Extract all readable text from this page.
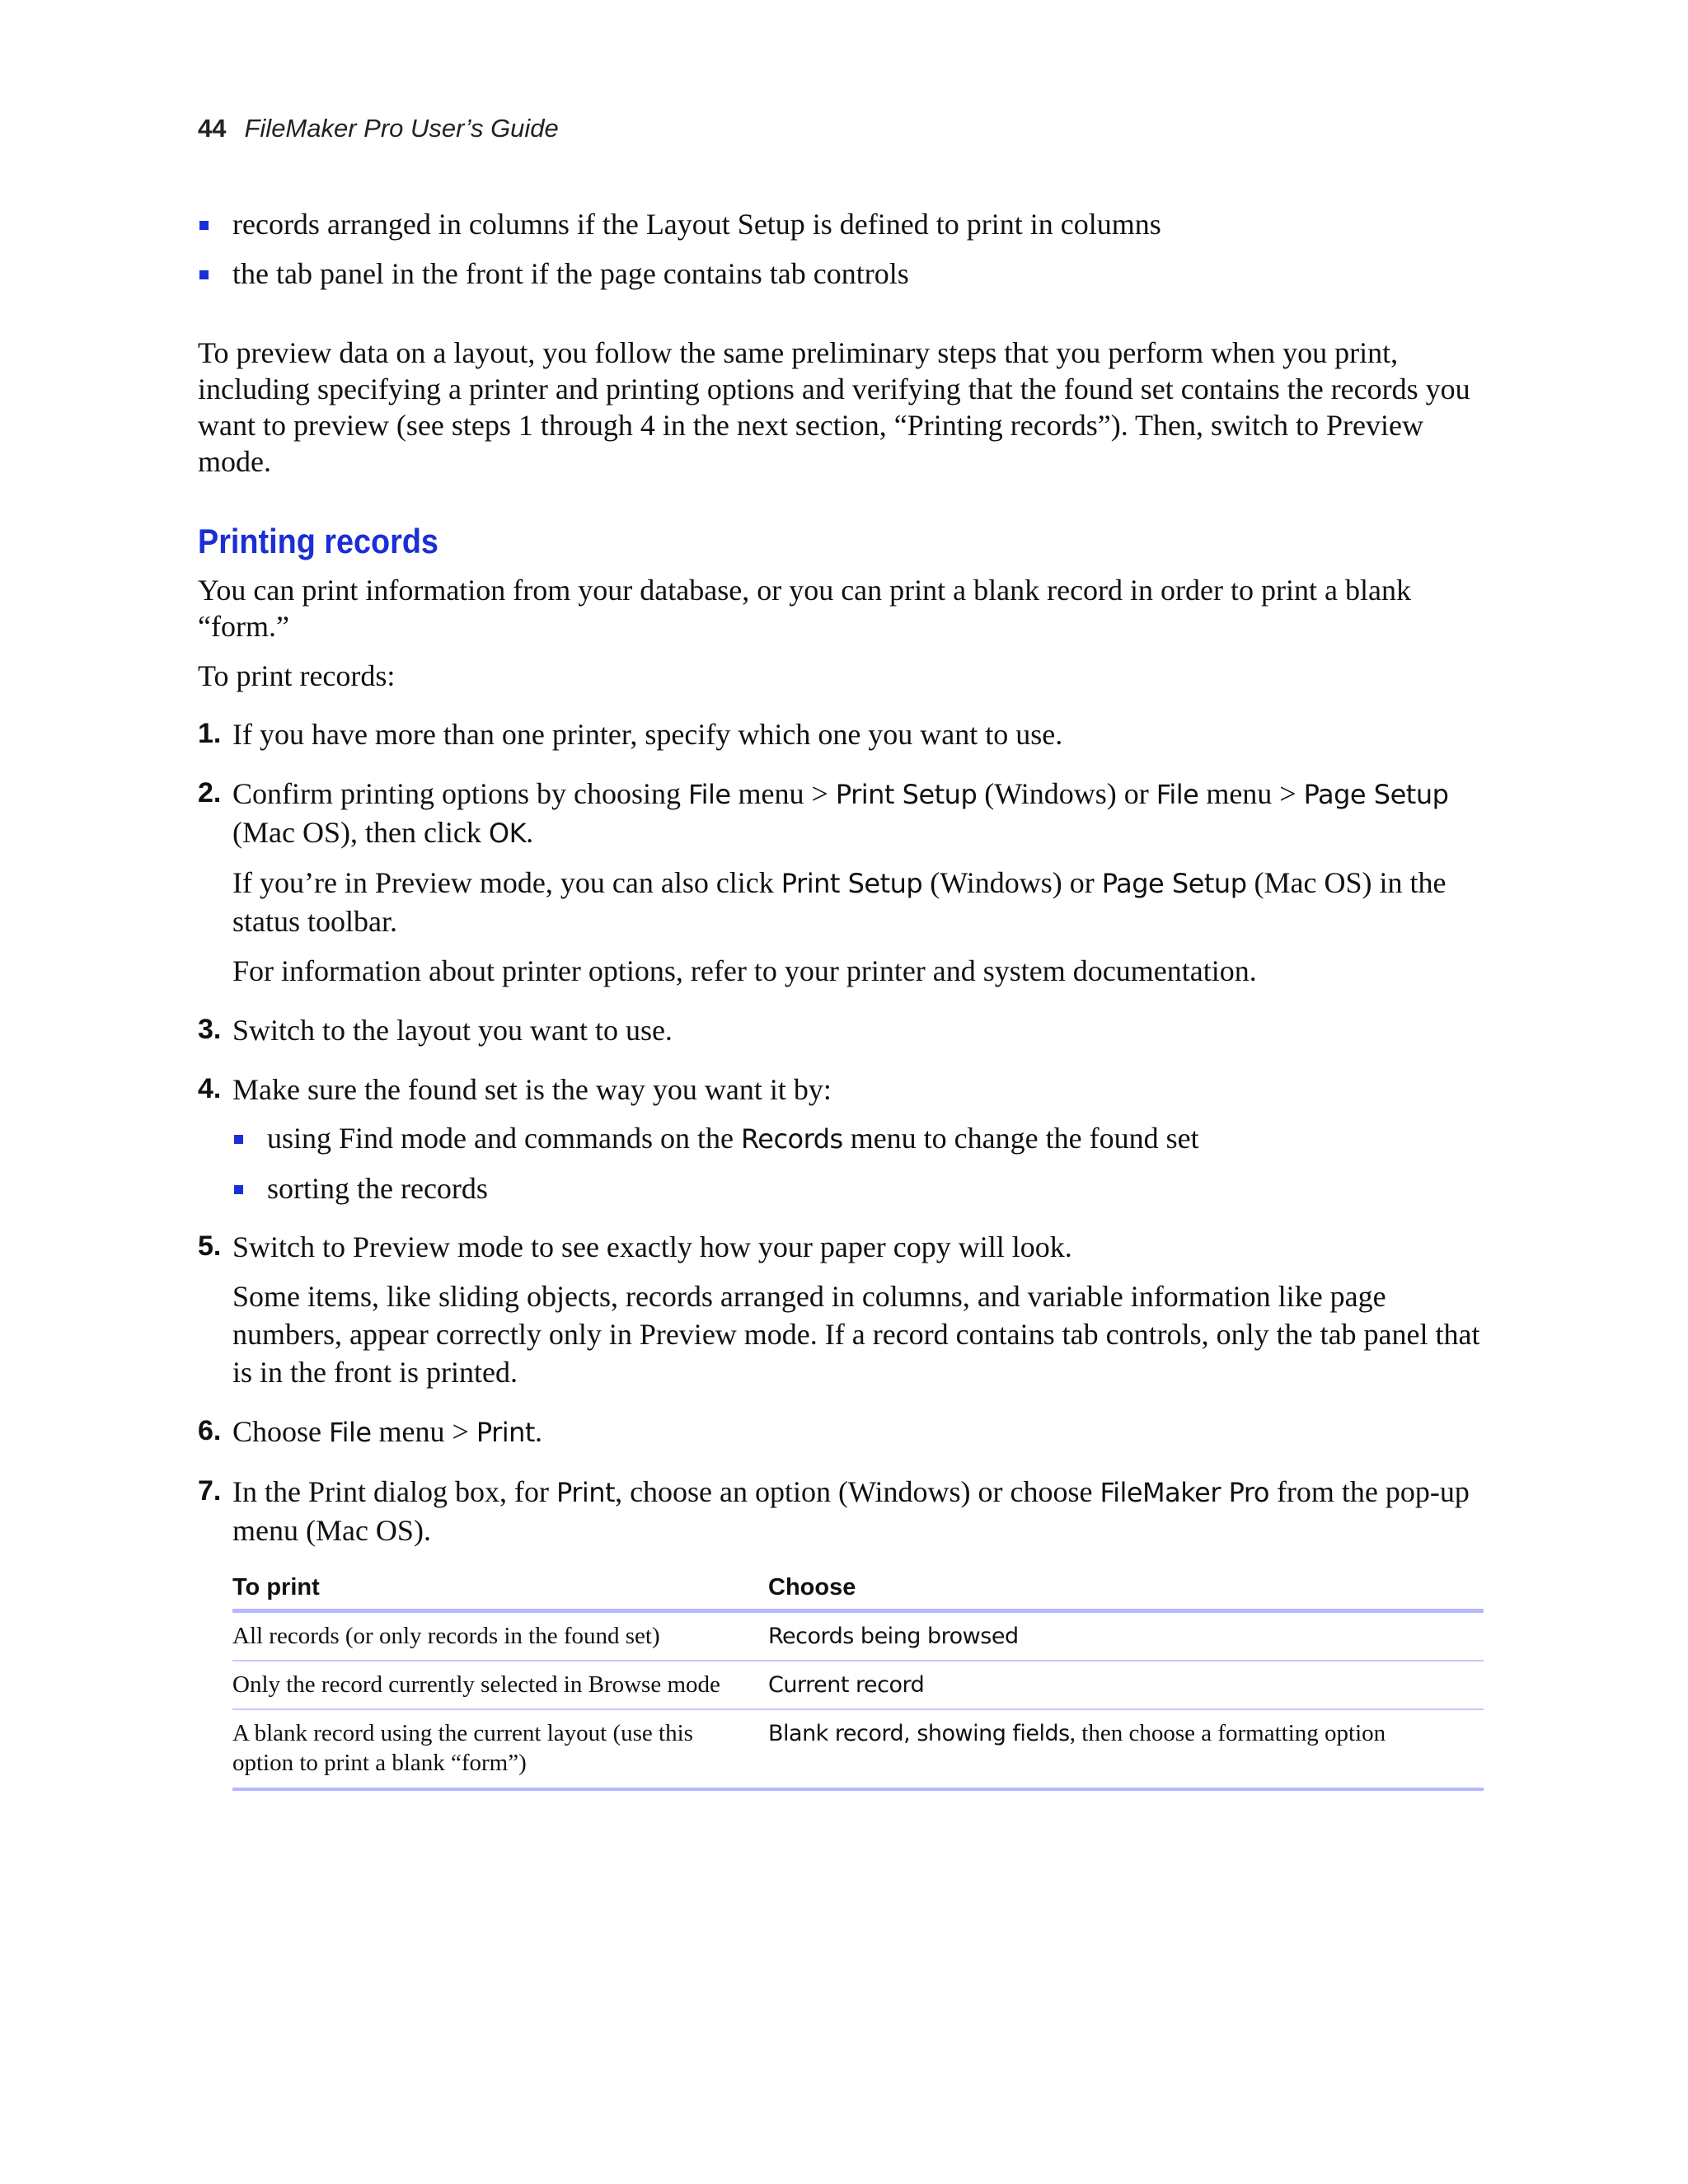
44 FileMaker Pro User’s Guide
records arranged in columns if the Layout Setup is defined to print in columns
the tab panel in the front if the page contains tab controls

To preview data on a layout, you follow the same preliminary steps that you perform when you print, including specifying a printer and printing options and verifying that the found set contains the records you want to preview (see steps 1 through 4 in the next section, “Printing records”). Then, switch to Preview mode.

Printing records

You can print information from your database, or you can print a blank record in order to print a blank “form.”

To print records:

1. If you have more than one printer, specify which one you want to use.

2. Confirm printing options by choosing File menu > Print Setup (Windows) or File menu > Page Setup (Mac OS), then click OK.

If you’re in Preview mode, you can also click Print Setup (Windows) or Page Setup (Mac OS) in the status toolbar.

For information about printer options, refer to your printer and system documentation.

3. Switch to the layout you want to use.

4. Make sure the found set is the way you want it by:

using Find mode and commands on the Records menu to change the found set
sorting the records
5. Switch to Preview mode to see exactly how your paper copy will look.

Some items, like sliding objects, records arranged in columns, and variable information like page numbers, appear correctly only in Preview mode. If a record contains tab controls, only the tab panel that is in the front is printed.

6. Choose File menu > Print.

7. In the Print dialog box, for Print, choose an option (Windows) or choose FileMaker Pro from the pop-up menu (Mac OS).

To print	Choose
All records (or only records in the found set)	Records being browsed
Only the record currently selected in Browse mode	Current record
A blank record using the current layout (use this option to print a blank “form”)	Blank record, showing fields, then choose a formatting option
